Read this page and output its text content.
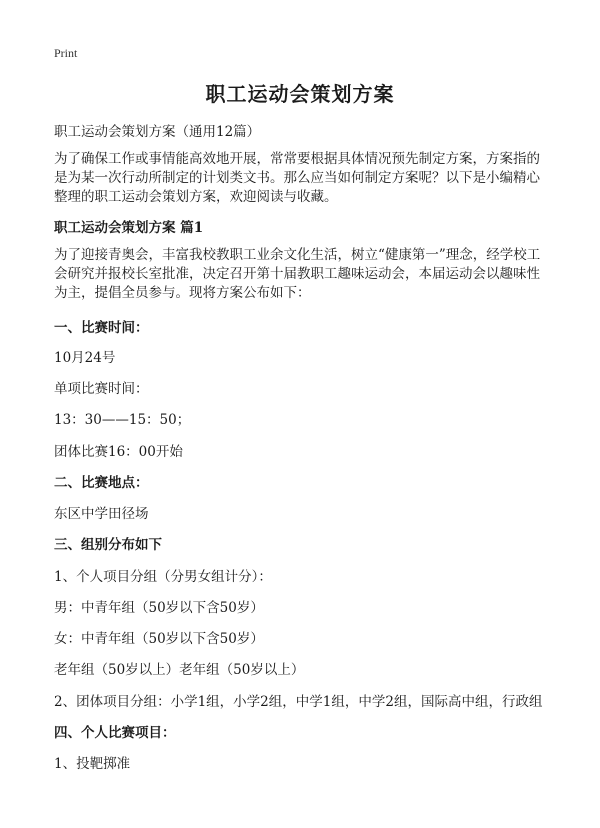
Print
职工运动会策划方案
职工运动会策划方案（通用12篇）
为了确保工作或事情能高效地开展，常常要根据具体情况预先制定方案，方案指的
是为某一次行动所制定的计划类文书。那么应当如何制定方案呢？以下是小编精心
整理的职工运动会策划方案，欢迎阅读与收藏。
职工运动会策划方案 篇1
为了迎接青奥会，丰富我校教职工业余文化生活，树立“健康第一”理念，经学校工
会研究并报校长室批准，决定召开第十届教职工趣味运动会，本届运动会以趣味性
为主，提倡全员参与。现将方案公布如下：
一、比赛时间：
10月24号
单项比赛时间：
13：30——15：50；
团体比赛16：00开始
二、比赛地点：
东区中学田径场
三、组别分布如下
1、个人项目分组（分男女组计分）：
男：中青年组（50岁以下含50岁）
女：中青年组（50岁以下含50岁）
老年组（50岁以上）老年组（50岁以上）
2、团体项目分组：小学1组，小学2组，中学1组，中学2组，国际高中组，行政组
四、个人比赛项目：
1、投靶掷准
